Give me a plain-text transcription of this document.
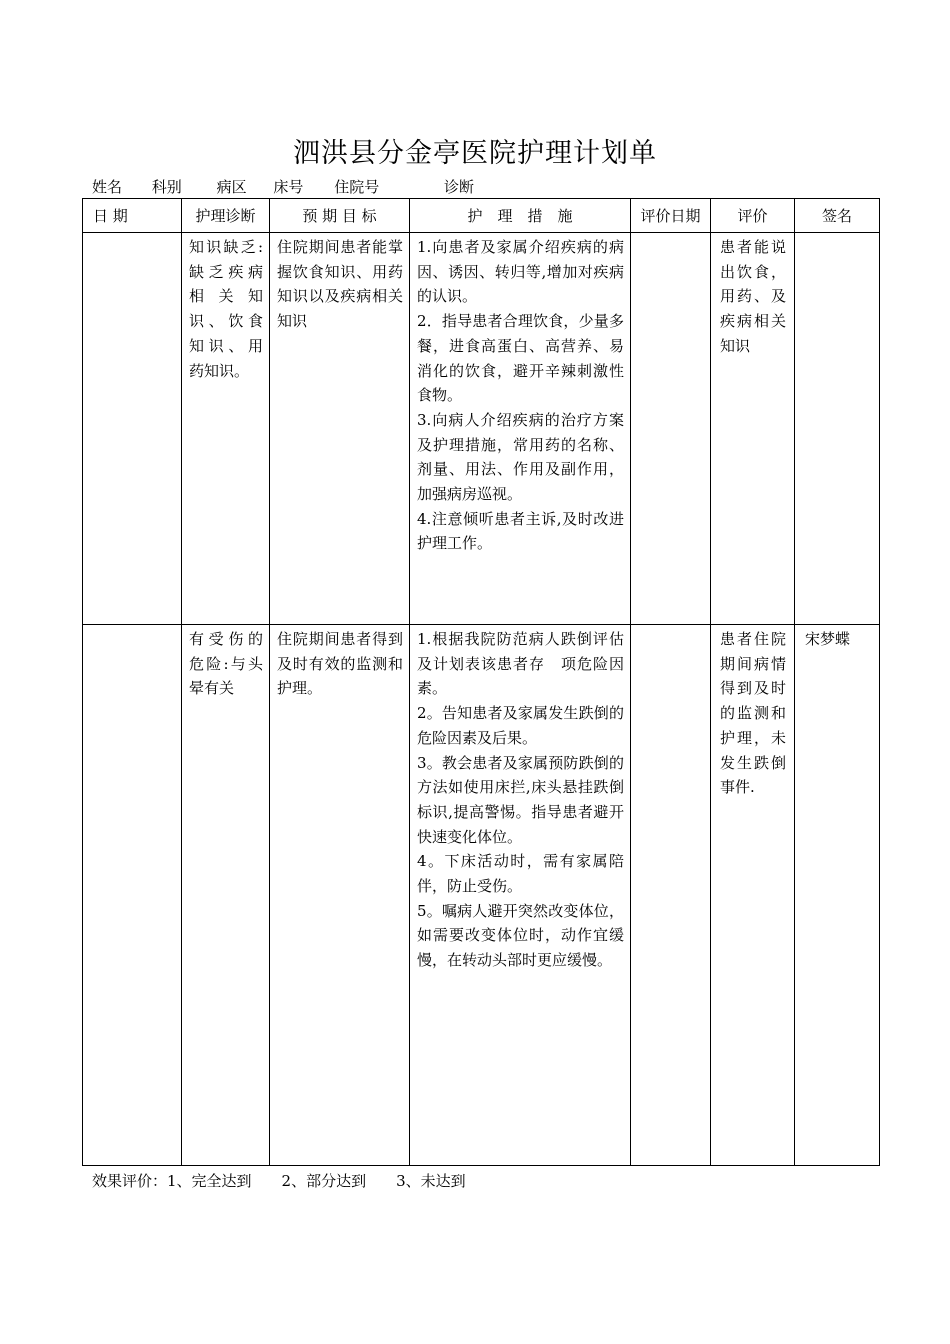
泗洪县分金亭医院护理计划单
姓名 科别 病区 床号 住院号	诊断
日 期	护理诊断	预 期 目 标	护　理　措　施	评价日期	评价	签名

	知识缺乏:缺乏疾病相关知识、饮食知识、用药知识。	住院期间患者能掌握饮食知识、用药知识以及疾病相关知识	1.向患者及家属介绍疾病的病因、诱因、转归等,增加对疾病的认识。

2．指导患者合理饮食，少量多餐，进食高蛋白、高营养、易消化的饮食，避开辛辣刺激性食物。

3.向病人介绍疾病的治疗方案及护理措施，常用药的名称、剂量、用法、作用及副作用，加强病房巡视。

4.注意倾听患者主诉,及时改进护理工作。		患者能说出饮食，用药、及疾病相关知识	

	有受伤的危险:与头晕有关	住院期间患者得到及时有效的监测和护理。	1.根据我院防范病人跌倒评估及计划表该患者存　项危险因素。

2。告知患者及家属发生跌倒的危险因素及后果。

3。教会患者及家属预防跌倒的方法如使用床拦,床头悬挂跌倒标识,提高警惕。指导患者避开快速变化体位。

4。下床活动时，需有家属陪伴，防止受伤。

5。嘱病人避开突然改变体位，如需要改变体位时，动作宜缓慢，在转动头部时更应缓慢。		患者住院期间病情得到及时的监测和护理，未发生跌倒事件.	宋梦蝶
效果评价：1、完全达到　　2、部分达到　　3、未达到
